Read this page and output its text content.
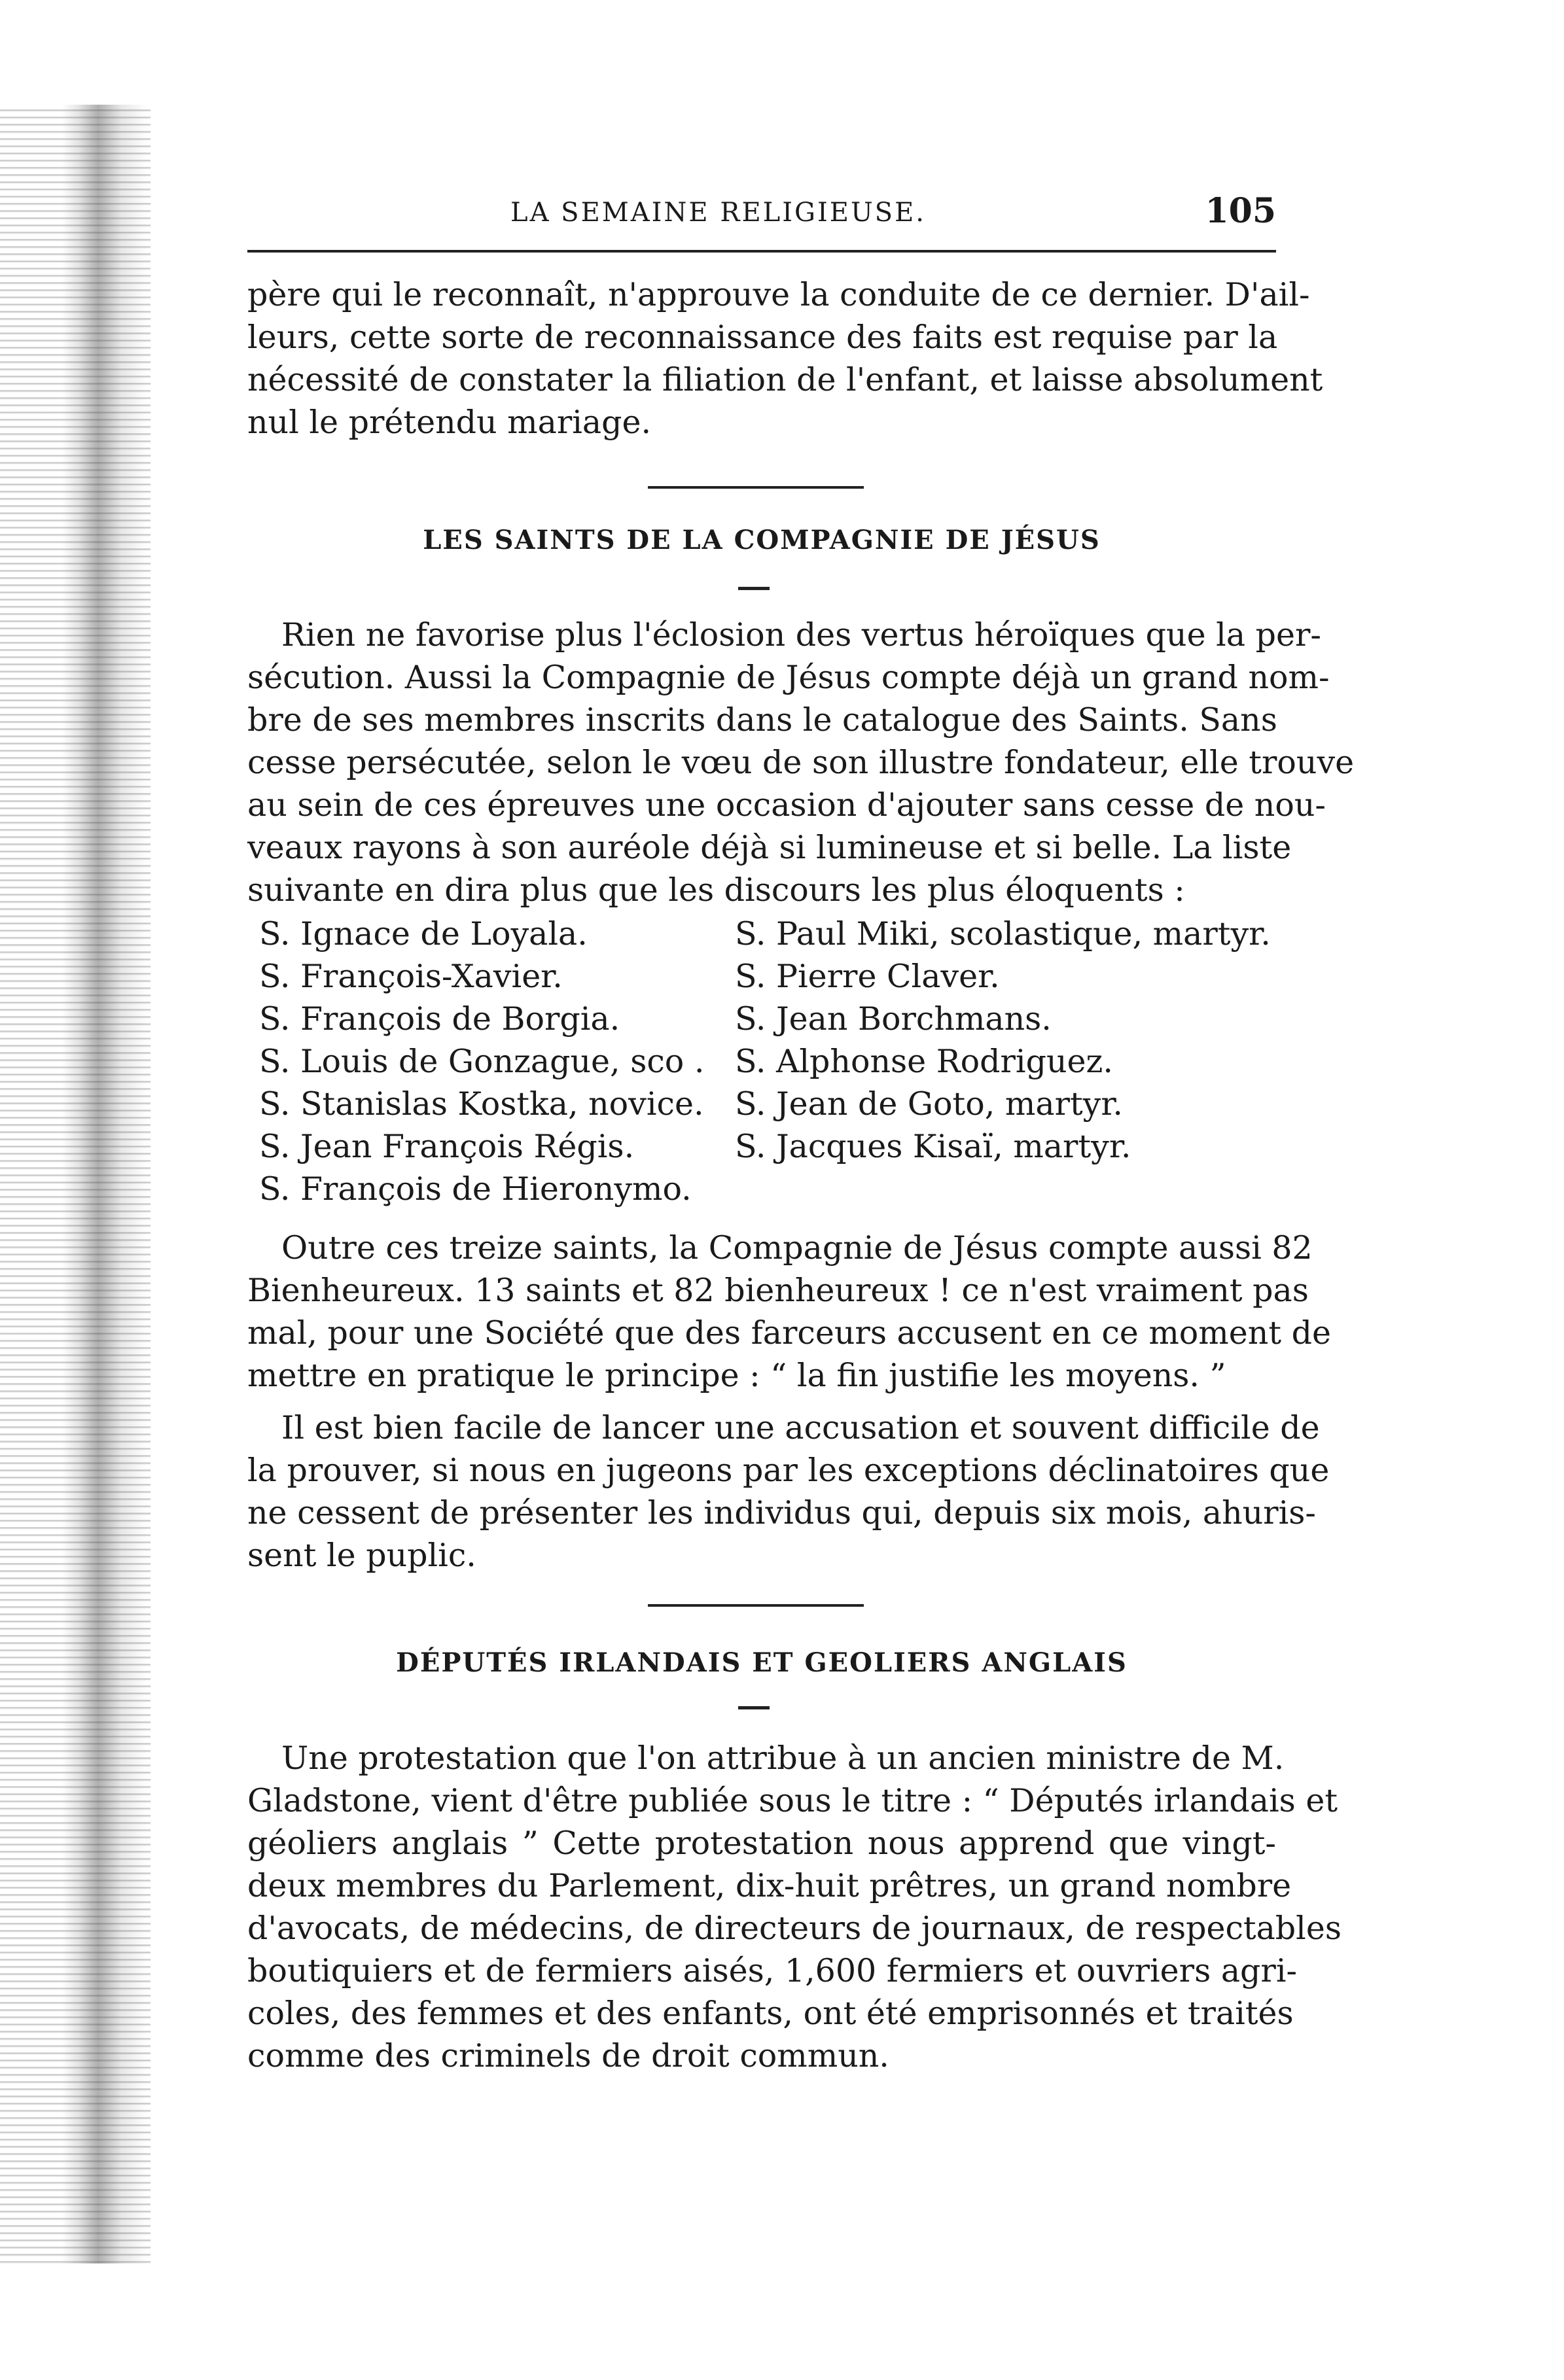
LA SEMAINE RELIGIEUSE.	105
père qui le reconnaît, n'approuve la conduite de ce dernier. D'ail-
leurs, cette sorte de reconnaissance des faits est requise par la
nécessité de constater la filiation de l'enfant, et laisse absolument
nul le prétendu mariage.
LES SAINTS DE LA COMPAGNIE DE JÉSUS
Rien ne favorise plus l'éclosion des vertus héroïques que la per-
sécution. Aussi la Compagnie de Jésus compte déjà un grand nom-
bre de ses membres inscrits dans le catalogue des Saints. Sans
cesse persécutée, selon le vœu de son illustre fondateur, elle trouve
au sein de ces épreuves une occasion d'ajouter sans cesse de nou-
veaux rayons à son auréole déjà si lumineuse et si belle. La liste
suivante en dira plus que les discours les plus éloquents :
S. Ignace de Loyala.	S. Paul Miki, scolastique, martyr.
S. François-Xavier.	S. Pierre Claver.
S. François de Borgia.	S. Jean Borchmans.
S. Louis de Gonzague, sco . S. Alphonse Rodriguez.
S. Stanislas Kostka, novice. S. Jean de Goto, martyr.
S. Jean François Régis.	S. Jacques Kisaï, martyr.
S. François de Hieronymo.
Outre ces treize saints, la Compagnie de Jésus compte aussi 82
Bienheureux. 13 saints et 82 bienheureux ! ce n'est vraiment pas
mal, pour une Société que des farceurs accusent en ce moment de
mettre en pratique le principe : “ la fin justifie les moyens. ”
Il est bien facile de lancer une accusation et souvent difficile de
la prouver, si nous en jugeons par les exceptions déclinatoires que
ne cessent de présenter les individus qui, depuis six mois, ahuris-
sent le puplic.
DÉPUTÉS IRLANDAIS ET GEOLIERS ANGLAIS
Une protestation que l'on attribue à un ancien ministre de M.
Gladstone, vient d'être publiée sous le titre : “ Députés irlandais et
géoliers anglais ” Cette protestation nous apprend que vingt-
deux membres du Parlement, dix-huit prêtres, un grand nombre
d'avocats, de médecins, de directeurs de journaux, de respectables
boutiquiers et de fermiers aisés, 1,600 fermiers et ouvriers agri-
coles, des femmes et des enfants, ont été emprisonnés et traités
comme des criminels de droit commun.
